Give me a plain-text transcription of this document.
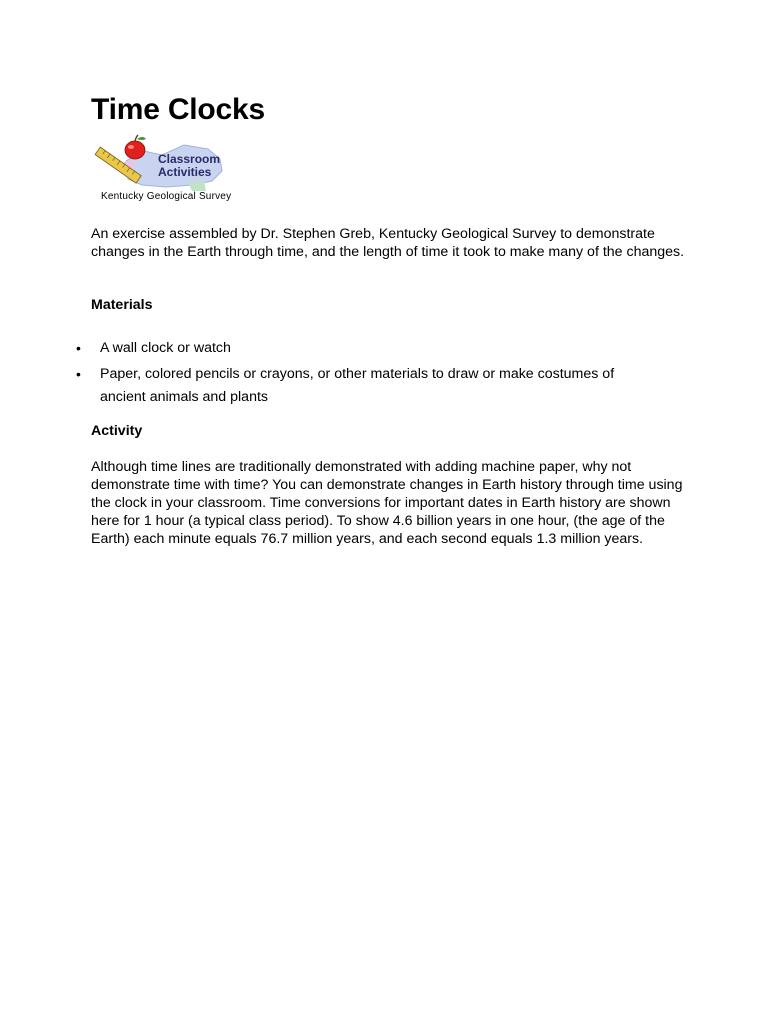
Time Clocks
Classroom
Activities
Kentucky Geological Survey

An exercise assembled by Dr. Stephen Greb, Kentucky Geological Survey to demonstrate changes in the Earth through time, and the length of time it took to make many of the changes.

Materials
• A wall clock or watch
• Paper, colored pencils or crayons, or other materials to draw or make costumes of ancient animals and plants
Activity

Although time lines are traditionally demonstrated with adding machine paper, why not demonstrate time with time? You can demonstrate changes in Earth history through time using the clock in your classroom. Time conversions for important dates in Earth history are shown here for 1 hour (a typical class period). To show 4.6 billion years in one hour, (the age of the Earth) each minute equals 76.7 million years, and each second equals 1.3 million years.
